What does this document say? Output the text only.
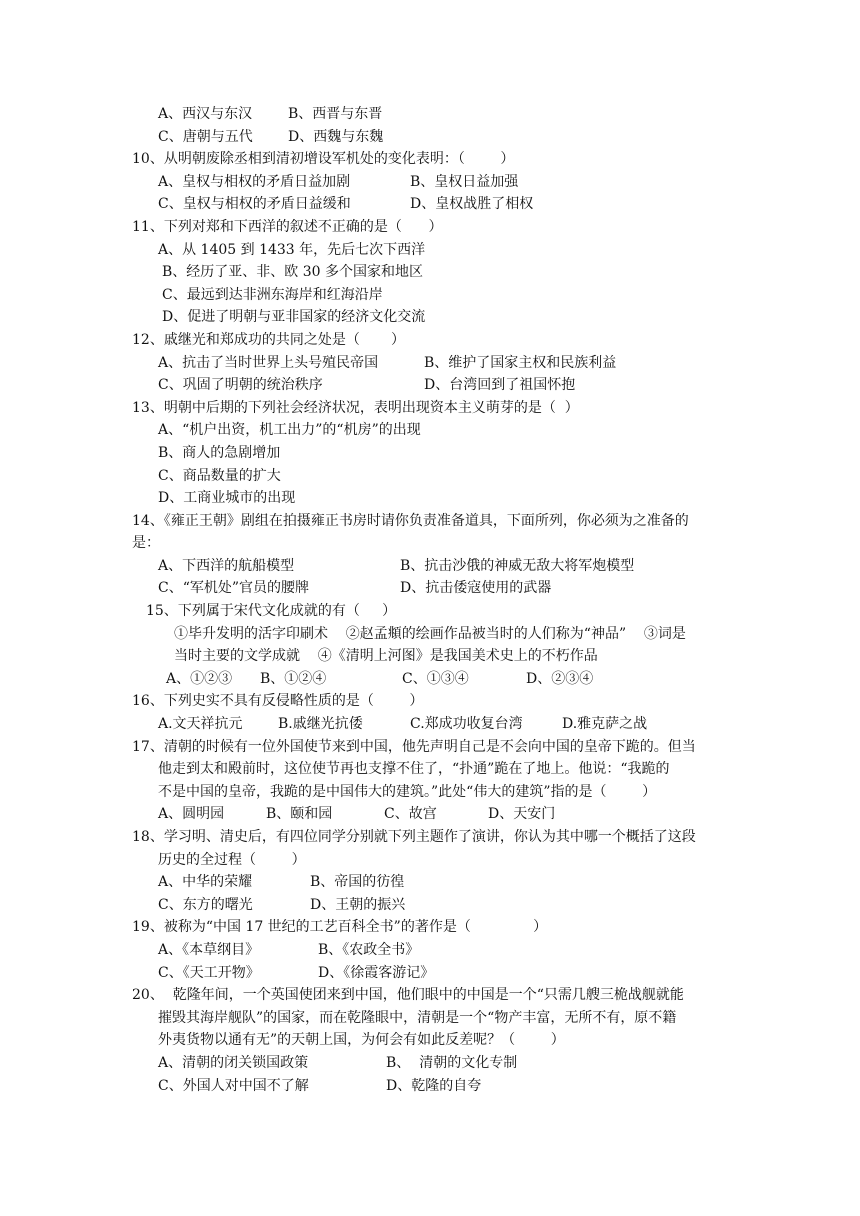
A、西汉与东汉	B、西晋与东晋
C、唐朝与五代	D、西魏与东魏
10、从明朝废除丞相到清初增设军机处的变化表明：（        ）
A、皇权与相权的矛盾日益加剧	B、皇权日益加强
C、皇权与相权的矛盾日益缓和	D、皇权战胜了相权
11、下列对郑和下西洋的叙述不正确的是（      ）
A、从 1405 到 1433 年，先后七次下西洋
B、经历了亚、非、欧 30 多个国家和地区
C、最远到达非洲东海岸和红海沿岸
D、促进了明朝与亚非国家的经济文化交流
12、戚继光和郑成功的共同之处是（       ）
A、抗击了当时世界上头号殖民帝国	B、维护了国家主权和民族利益
C、巩固了明朝的统治秩序	D、台湾回到了祖国怀抱
13、明朝中后期的下列社会经济状况，表明出现资本主义萌芽的是（  ）
A、“机户出资，机工出力”的“机房”的出现
B、商人的急剧增加
C、商品数量的扩大
D、工商业城市的出现
14、《雍正王朝》剧组在拍摄雍正书房时请你负责准备道具，下面所列，你必须为之准备的
是：
A、下西洋的航船模型	B、抗击沙俄的神威无敌大将军炮模型
C、“军机处”官员的腰牌	D、抗击倭寇使用的武器
15、下列属于宋代文化成就的有（     ）
①毕升发明的活字印刷术    ②赵孟頫的绘画作品被当时的人们称为“神品”    ③词是
当时主要的文学成就    ④《清明上河图》是我国美术史上的不朽作品
A、①②③ B、①②④	C、①③④	D、②③④
16、下列史实不具有反侵略性质的是（        ）
A.文天祥抗元	B.戚继光抗倭	C.郑成功收复台湾	D.雅克萨之战
17、清朝的时候有一位外国使节来到中国，他先声明自己是不会向中国的皇帝下跪的。但当
他走到太和殿前时，这位使节再也支撑不住了，“扑通”跪在了地上。他说：“我跪的
不是中国的皇帝，我跪的是中国伟大的建筑。”此处“伟大的建筑”指的是（        ）
A、圆明园	B、颐和园	C、故宫	D、天安门
18、学习明、清史后，有四位同学分别就下列主题作了演讲，你认为其中哪一个概括了这段
历史的全过程（        ）
A、中华的荣耀	B、帝国的彷徨
C、东方的曙光	D、王朝的振兴
19、被称为“中国 17 世纪的工艺百科全书”的著作是（              ）
A、《本草纲目》	B、《农政全书》
C、《天工开物》	D、《徐霞客游记》
20、  乾隆年间，一个英国使团来到中国，他们眼中的中国是一个“只需几艘三桅战舰就能
摧毁其海岸舰队”的国家，而在乾隆眼中，清朝是一个“物产丰富，无所不有，原不籍
外夷货物以通有无”的天朝上国，为何会有如此反差呢？（        ）
A、清朝的闭关锁国政策	B、  清朝的文化专制
C、外国人对中国不了解	D、乾隆的自夸
